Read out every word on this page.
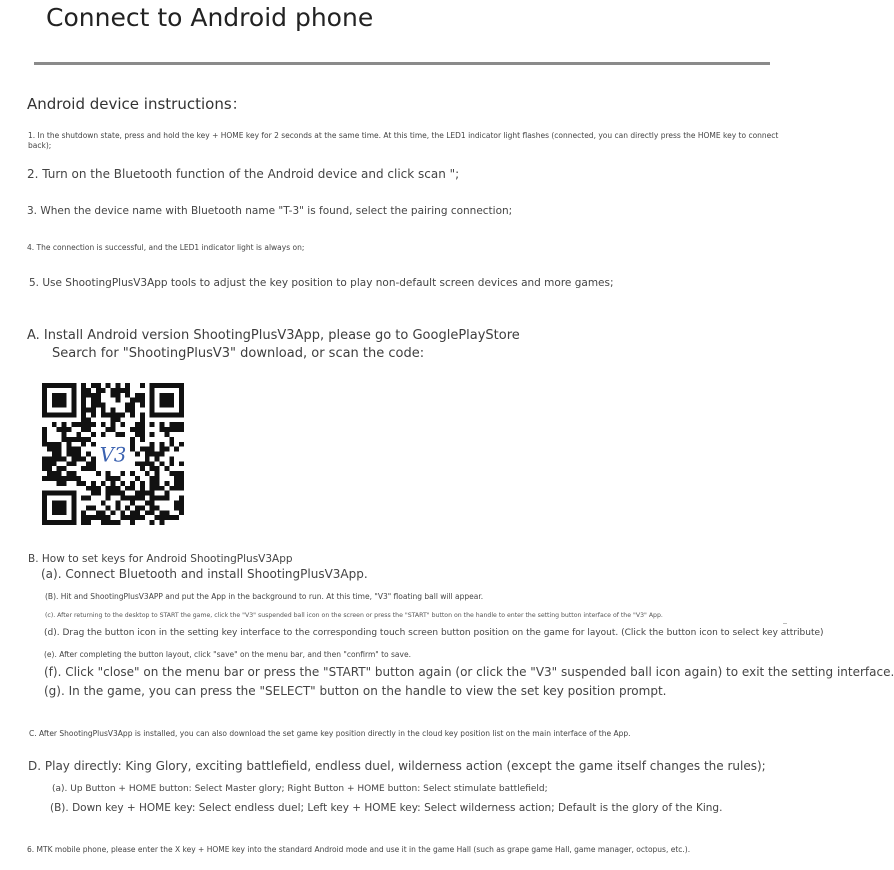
Connect to Android phone
Android device instructions：
1. In the shutdown state, press and hold the key + HOME key for 2 seconds at the same time. At this time, the LED1 indicator light flashes (connected, you can directly press the HOME key to connect back);
2. Turn on the Bluetooth function of the Android device and click scan ";
3. When the device name with Bluetooth name "T-3" is found, select the pairing connection;
4. The connection is successful, and the LED1 indicator light is always on;
5. Use ShootingPlusV3App tools to adjust the key position to play non-default screen devices and more games;
A. Install Android version ShootingPlusV3App, please go to GooglePlayStore
Search for "ShootingPlusV3" download, or scan the code:
V3
B. How to set keys for Android ShootingPlusV3App
(a). Connect Bluetooth and install ShootingPlusV3App.
(B). Hit and ShootingPlusV3APP and put the App in the background to run. At this time, "V3" floating ball will appear.
(c). After returning to the desktop to START the game, click the "V3" suspended ball icon on the screen or press the "START" button on the handle to enter the setting button interface of the "V3" App.
(d). Drag the button icon in the setting key interface to the corresponding touch screen button position on the game for layout. (Click the button icon to select key attribute)
(e). After completing the button layout, click "save" on the menu bar, and then "confirm" to save.
(f). Click "close" on the menu bar or press the "START" button again (or click the "V3" suspended ball icon again) to exit the setting interface.
(g). In the game, you can press the "SELECT" button on the handle to view the set key position prompt.
C. After ShootingPlusV3App is installed, you can also download the set game key position directly in the cloud key position list on the main interface of the App.
D. Play directly: King Glory, exciting battlefield, endless duel, wilderness action (except the game itself changes the rules);
(a). Up Button + HOME button: Select Master glory; Right Button + HOME button: Select stimulate battlefield;
(B). Down key + HOME key: Select endless duel; Left key + HOME key: Select wilderness action; Default is the glory of the King.
6. MTK mobile phone, please enter the X key + HOME key into the standard Android mode and use it in the game Hall (such as grape game Hall, game manager, octopus, etc.).
